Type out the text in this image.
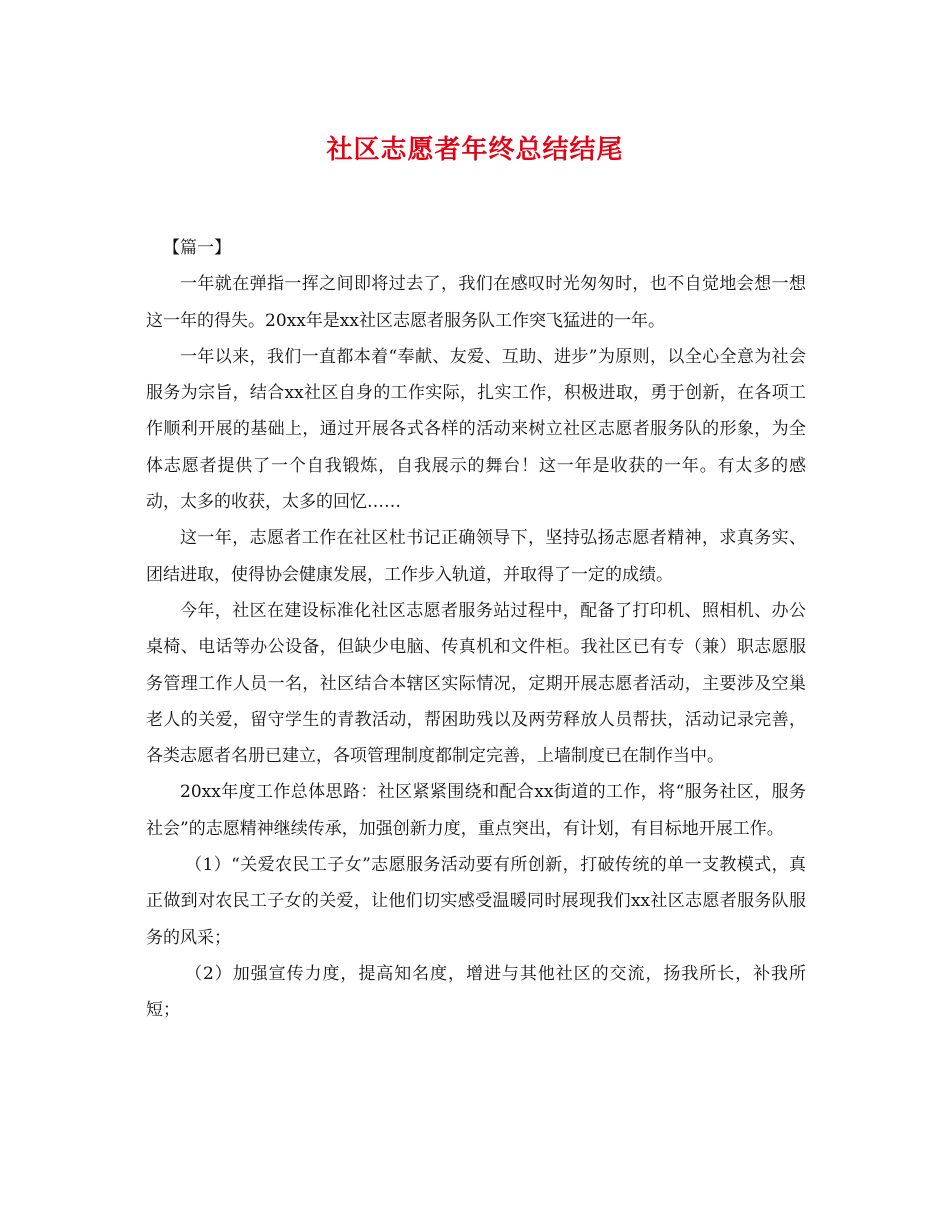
社区志愿者年终总结结尾

【篇一】

一年就在弹指一挥之间即将过去了，我们在感叹时光匆匆时，也不自觉地会想一想这一年的得失。20xx年是xx社区志愿者服务队工作突飞猛进的一年。

一年以来，我们一直都本着“奉献、友爱、互助、进步”为原则，以全心全意为社会服务为宗旨，结合xx社区自身的工作实际，扎实工作，积极进取，勇于创新，在各项工作顺利开展的基础上，通过开展各式各样的活动来树立社区志愿者服务队的形象，为全体志愿者提供了一个自我锻炼，自我展示的舞台！这一年是收获的一年。有太多的感动，太多的收获，太多的回忆……

这一年，志愿者工作在社区杜书记正确领导下，坚持弘扬志愿者精神，求真务实、团结进取，使得协会健康发展，工作步入轨道，并取得了一定的成绩。

今年，社区在建设标准化社区志愿者服务站过程中，配备了打印机、照相机、办公桌椅、电话等办公设备，但缺少电脑、传真机和文件柜。我社区已有专（兼）职志愿服务管理工作人员一名，社区结合本辖区实际情况，定期开展志愿者活动，主要涉及空巢老人的关爱，留守学生的青教活动，帮困助残以及两劳释放人员帮扶，活动记录完善，各类志愿者名册已建立，各项管理制度都制定完善，上墙制度已在制作当中。

20xx年度工作总体思路：社区紧紧围绕和配合xx街道的工作，将“服务社区，服务社会”的志愿精神继续传承，加强创新力度，重点突出，有计划，有目标地开展工作。

（1）“关爱农民工子女”志愿服务活动要有所创新，打破传统的单一支教模式，真正做到对农民工子女的关爱，让他们切实感受温暖同时展现我们xx社区志愿者服务队服务的风采；

（2）加强宣传力度，提高知名度，增进与其他社区的交流，扬我所长，补我所短；
